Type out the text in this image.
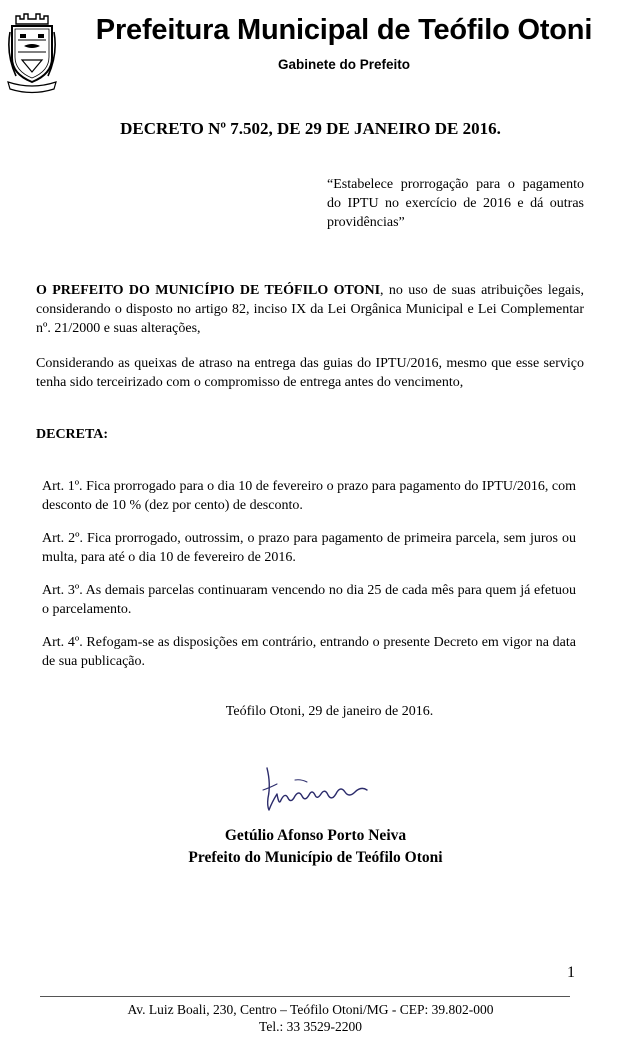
Prefeitura Municipal de Teófilo Otoni
Gabinete do Prefeito
DECRETO Nº 7.502, DE 29 DE JANEIRO DE 2016.
“Estabelece prorrogação para o pagamento do IPTU no exercício de 2016 e dá outras providências”
O PREFEITO DO MUNICÍPIO DE TEÓFILO OTONI, no uso de suas atribuições legais, considerando o disposto no artigo 82, inciso IX da Lei Orgânica Municipal e Lei Complementar nº. 21/2000 e suas alterações,
Considerando as queixas de atraso na entrega das guias do IPTU/2016, mesmo que esse serviço tenha sido terceirizado com o compromisso de entrega antes do vencimento,
DECRETA:
Art. 1º. Fica prorrogado para o dia 10 de fevereiro o prazo para pagamento do IPTU/2016, com desconto de 10 % (dez por cento) de desconto.
Art. 2º. Fica prorrogado, outrossim, o prazo para pagamento de primeira parcela, sem juros ou multa, para até o dia 10 de fevereiro de 2016.
Art. 3º. As demais parcelas continuaram vencendo no dia 25 de cada mês para quem já efetuou o parcelamento.
Art. 4º. Refogam-se as disposições em contrário, entrando o presente Decreto em vigor na data de sua publicação.
Teófilo Otoni, 29 de janeiro de 2016.
Getúlio Afonso Porto Neiva
Prefeito do Município de Teófilo Otoni
1
Av. Luiz Boali, 230, Centro – Teófilo Otoni/MG - CEP: 39.802-000
Tel.: 33 3529-2200
